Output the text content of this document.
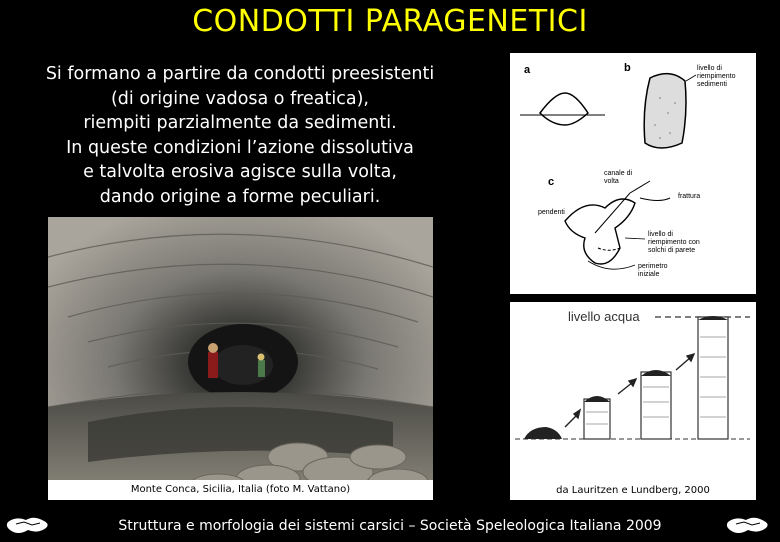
CONDOTTI PARAGENETICI
Si formano a partire da condotti preesistenti
(di origine vadosa o freatica),
riempiti parzialmente da sedimenti.
In queste condizioni l’azione dissolutiva
e talvolta erosiva agisce sulla volta,
dando origine a forme peculiari.
Monte Conca, Sicilia, Italia (foto M. Vattano)
a	b
c
livello di
riempimento
sedimenti
canale di
volta
frattura
pendenti
livello di
riempimento con
solchi di parete
perimetro
iniziale
livello acqua
da Lauritzen e Lundberg, 2000
Struttura e morfologia dei sistemi carsici – Società Speleologica Italiana 2009
